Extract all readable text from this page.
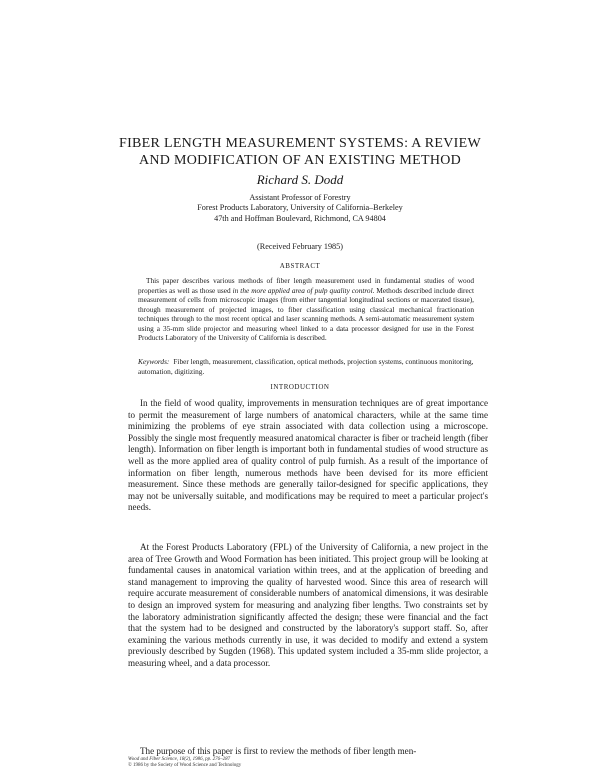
FIBER LENGTH MEASUREMENT SYSTEMS: A REVIEW
AND MODIFICATION OF AN EXISTING METHOD

Richard S. Dodd

Assistant Professor of Forestry
Forest Products Laboratory, University of California–Berkeley
47th and Hoffman Boulevard, Richmond, CA 94804
(Received February 1985)
ABSTRACT

This paper describes various methods of fiber length measurement used in fundamental studies of wood properties as well as those used in the more applied area of pulp quality control. Methods described include direct measurement of cells from microscopic images (from either tangential longitudinal sections or macerated tissue), through measurement of projected images, to fiber classification using classical mechanical fractionation techniques through to the most recent optical and laser scanning methods. A semi-automatic measurement system using a 35-mm slide projector and measuring wheel linked to a data processor designed for use in the Forest Products Laboratory of the University of California is described.

Keywords: Fiber length, measurement, classification, optical methods, projection systems, continuous monitoring, automation, digitizing.

INTRODUCTION

In the field of wood quality, improvements in mensuration techniques are of great importance to permit the measurement of large numbers of anatomical characters, while at the same time minimizing the problems of eye strain associated with data collection using a microscope. Possibly the single most frequently measured anatomical character is fiber or tracheid length (fiber length). Information on fiber length is important both in fundamental studies of wood structure as well as the more applied area of quality control of pulp furnish. As a result of the importance of information on fiber length, numerous methods have been devised for its more efficient measurement. Since these methods are generally tailor-designed for specific applications, they may not be universally suitable, and modifications may be required to meet a particular project's needs.

At the Forest Products Laboratory (FPL) of the University of California, a new project in the area of Tree Growth and Wood Formation has been initiated. This project group will be looking at fundamental causes in anatomical variation within trees, and at the application of breeding and stand management to improving the quality of harvested wood. Since this area of research will require accurate measurement of considerable numbers of anatomical dimensions, it was desirable to design an improved system for measuring and analyzing fiber lengths. Two constraints set by the laboratory administration significantly affected the design; these were financial and the fact that the system had to be designed and constructed by the laboratory's support staff. So, after examining the various methods currently in use, it was decided to modify and extend a system previously described by Sugden (1968). This updated system included a 35-mm slide projector, a measuring wheel, and a data processor.

The purpose of this paper is first to review the methods of fiber length men-

Wood and Fiber Science, 18(2), 1986, pp. 276–287
© 1986 by the Society of Wood Science and Technology
